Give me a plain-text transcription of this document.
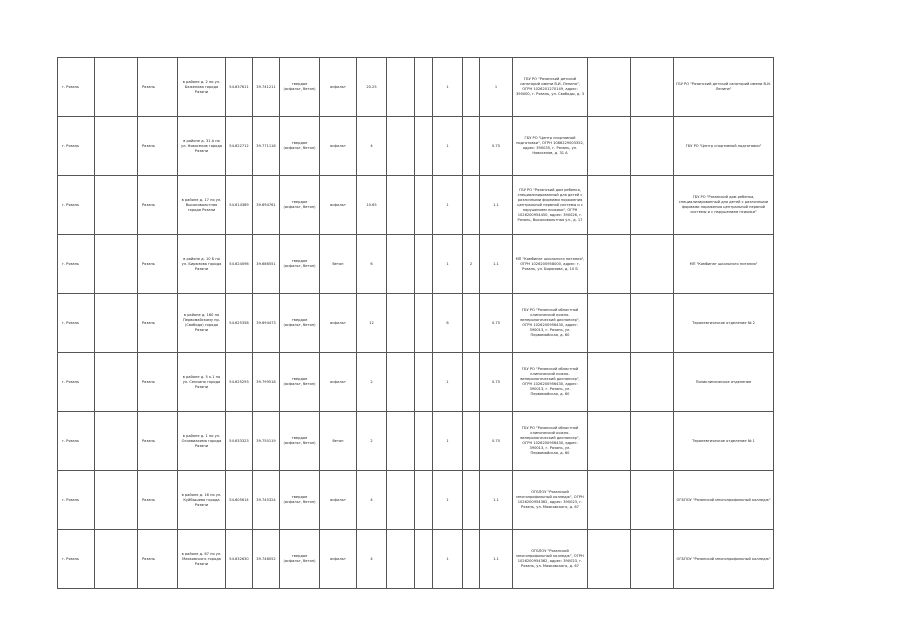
г. Рязань		Рязань	в районе д. 2 по ул. Баженова города Рязани	54.637611	39.741211	твердое (асфальт, бетон)	асфальт	20.25			1		1	ГБУ РО "Рязанский детский санаторий имени В.И. Ленина", ОГРН 1026201270149, адрес: 390000, г. Рязань, ул. Свободы, д. 3			ГБУ РО "Рязанский детский санаторий имени В.И. Ленина"
г. Рязань		Рязань	в районе д. 31 А по ул. Новоселов города Рязани	54.622712	39.771116	твердое (асфальт, бетон)	асфальт	4			1		0.75	ГБУ РО "Центр спортивной подготовки", ОГРН 1086229003352, адрес: 390035, г. Рязань, ул. Новоселов, д. 31 А			ГБУ РО "Центр спортивной подготовки"
г. Рязань		Рязань	в районе д. 17 по ул. Высоковольтная города Рязани	54.614389	39.694761	твердое (асфальт, бетон)	асфальт	10.65			1		1.1	ГБУ РО "Рязанский дом ребенка, специализированный для детей с различными формами поражения центральной нервной системы и с нарушением психики", ОГРН 1026200954450, адрес: 390026, г. Рязань, Высоковольтная ул., д. 17			ГБУ РО "Рязанский дом ребенка, специализированный для детей с различными формами поражения центральной нервной системы и с нарушением психики"
г. Рязань		Рязань	в районе д. 10 Б по ул. Бирюзова города Рязани	54.624096	39.686551	твердое (асфальт, бетон)	бетон	6			1	2	1.1	МП "Комбинат школьного питания", ОГРН 1026200958000, адрес: г. Рязань, ул. Бирюзова, д. 10 Б			МП "Комбинат школьного питания"
г. Рязань		Рязань	в районе д. 160 по Первомайскому пр. (Свобода) города Рязани	54.625358	39.694473	твердое (асфальт, бетон)	асфальт	12			6		0.75	ГБУ РО "Рязанский областной клинический кожно-венерологический диспансер", ОГРН 1026200956430, адрес: 390013, г. Рязань, ул. Первомайская, д. 60			Терапевтическое отделение № 2
г. Рязань		Рязань	в районе д. 5 к.1 по ул. Семчино города Рязани	54.625293	39.799518	твердое (асфальт, бетон)	асфальт	2			1		0.75	ГБУ РО "Рязанский областной клинический кожно-венерологический диспансер", ОГРН 1026200956430, адрес: 390013, г. Рязань, ул. Первомайская, д. 60			Поликлиническое отделение
г. Рязань		Рязань	в районе д. 1 по ул. Осоавиахима города Рязани	54.633323	39.750119	твердое (асфальт, бетон)	бетон	2			1		0.75	ГБУ РО "Рязанский областной клинический кожно-венерологический диспансер", ОГРН 1026200956430, адрес: 390013, г. Рязань, ул. Первомайская, д. 60			Терапевтическое отделение № 1
г. Рязань		Рязань	в районе д. 16 по ул. Куйбышева города Рязани	54.605614	39.745324	твердое (асфальт, бетон)	асфальт	4			1		1.1	ОГБПОУ "Рязанский многопрофильный колледж", ОГРН 1026200954362, адрес: 390023, г. Рязань, ул. Маяковского, д. 67			ОГБПОУ "Рязанский многопрофильный колледж"
г. Рязань		Рязань	в районе д. 67 по ул. Маяковского города Рязани	54.632630	39.748052	твердое (асфальт, бетон)	асфальт	4			1		1.1	ОГБПОУ "Рязанский многопрофильный колледж", ОГРН 1026200954362, адрес: 390023, г. Рязань, ул. Маяковского, д. 67			ОГБПОУ "Рязанский многопрофильный колледж"
